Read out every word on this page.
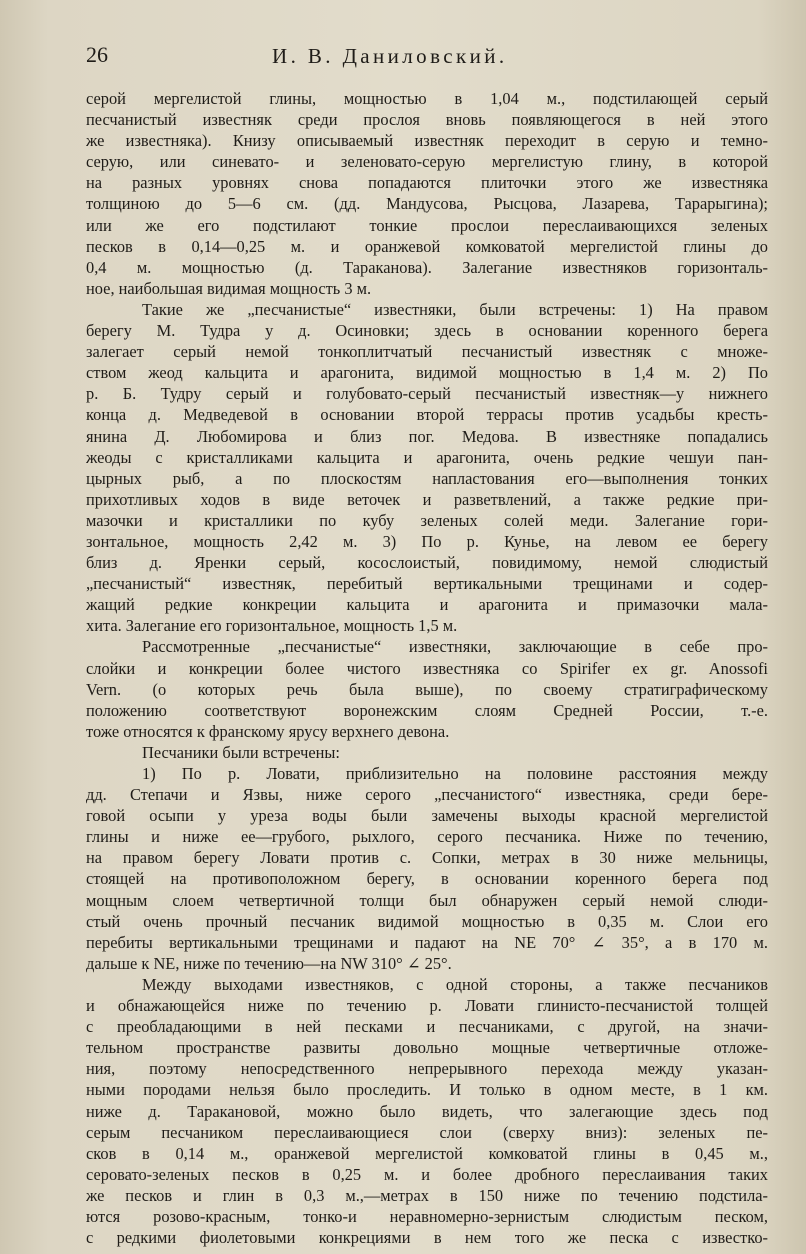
26	И. В. Даниловский.
серой мергелистой глины, мощностью в 1,04 м., подстилающей серый
песчанистый известняк среди прослоя вновь появляющегося в ней этого
же известняка). Книзу описываемый известняк переходит в серую и темно-
серую, или синевато- и зеленовато-серую мергелистую глину, в которой
на разных уровнях снова попадаются плиточки этого же известняка
толщиною до 5—6 см. (дд. Мандусова, Рысцова, Лазарева, Тарарыгина);
или же его подстилают тонкие прослои переслаивающихся зеленых
песков в 0,14—0,25 м. и оранжевой комковатой мергелистой глины до
0,4 м. мощностью (д. Тараканова). Залегание известняков горизонталь-
ное, наибольшая видимая мощность 3 м.
Такие же „песчанистые“ известняки, были встречены: 1) На правом
берегу М. Тудра у д. Осиновки; здесь в основании коренного берега
залегает серый немой тонкоплитчатый песчанистый известняк с множе-
ством жеод кальцита и арагонита, видимой мощностью в 1,4 м. 2) По
р. Б. Тудру серый и голубовато-серый песчанистый известняк—у нижнего
конца д. Медведевой в основании второй террасы против усадьбы кресть-
янина Д. Любомирова и близ пог. Медова. В известняке попадались
жеоды с кристалликами кальцита и арагонита, очень редкие чешуи пан-
цырных рыб, а по плоскостям напластования его—выполнения тонких
прихотливых ходов в виде веточек и разветвлений, а также редкие при-
мазочки и кристаллики по кубу зеленых солей меди. Залегание гори-
зонтальное, мощность 2,42 м. 3) По р. Кунье, на левом ее берегу
близ д. Яренки серый, косослоистый, повидимому, немой слюдистый
„песчанистый“ известняк, перебитый вертикальными трещинами и содер-
жащий редкие конкреции кальцита и арагонита и примазочки мала-
хита. Залегание его горизонтальное, мощность 1,5 м.
Рассмотренные „песчанистые“ известняки, заключающие в себе про-
слойки и конкреции более чистого известняка со Spirifer ex gr. Anossofi
Vern. (о которых речь была выше), по своему стратиграфическому
положению соответствуют воронежским слоям Средней России, т.-е.
тоже относятся к франскому ярусу верхнего девона.
Песчаники были встречены:
1) По р. Ловати, приблизительно на половине расстояния между
дд. Степачи и Язвы, ниже серого „песчанистого“ известняка, среди бере-
говой осыпи у уреза воды были замечены выходы красной мергелистой
глины и ниже ее—грубого, рыхлого, серого песчаника. Ниже по течению,
на правом берегу Ловати против с. Сопки, метрах в 30 ниже мельницы,
стоящей на противоположном берегу, в основании коренного берега под
мощным слоем четвертичной толщи был обнаружен серый немой слюди-
стый очень прочный песчаник видимой мощностью в 0,35 м. Слои его
перебиты вертикальными трещинами и падают на NE 70° ∠ 35°, а в 170 м.
дальше к NE, ниже по течению—на NW 310° ∠ 25°.
Между выходами известняков, с одной стороны, а также песчаников
и обнажающейся ниже по течению р. Ловати глинисто-песчанистой толщей
с преобладающими в ней песками и песчаниками, с другой, на значи-
тельном пространстве развиты довольно мощные четвертичные отложе-
ния, поэтому непосредственного непрерывного перехода между указан-
ными породами нельзя было проследить. И только в одном месте, в 1 км.
ниже д. Таракановой, можно было видеть, что залегающие здесь под
серым песчаником переслаивающиеся слои (сверху вниз): зеленых пе-
сков в 0,14 м., оранжевой мергелистой комковатой глины в 0,45 м.,
серовато-зеленых песков в 0,25 м. и более дробного переслаивания таких
же песков и глин в 0,3 м.,—метрах в 150 ниже по течению подстила-
ются розово-красным, тонко-и неравномерно-зернистым слюдистым песком,
с редкими фиолетовыми конкрециями в нем того же песка с известко-
